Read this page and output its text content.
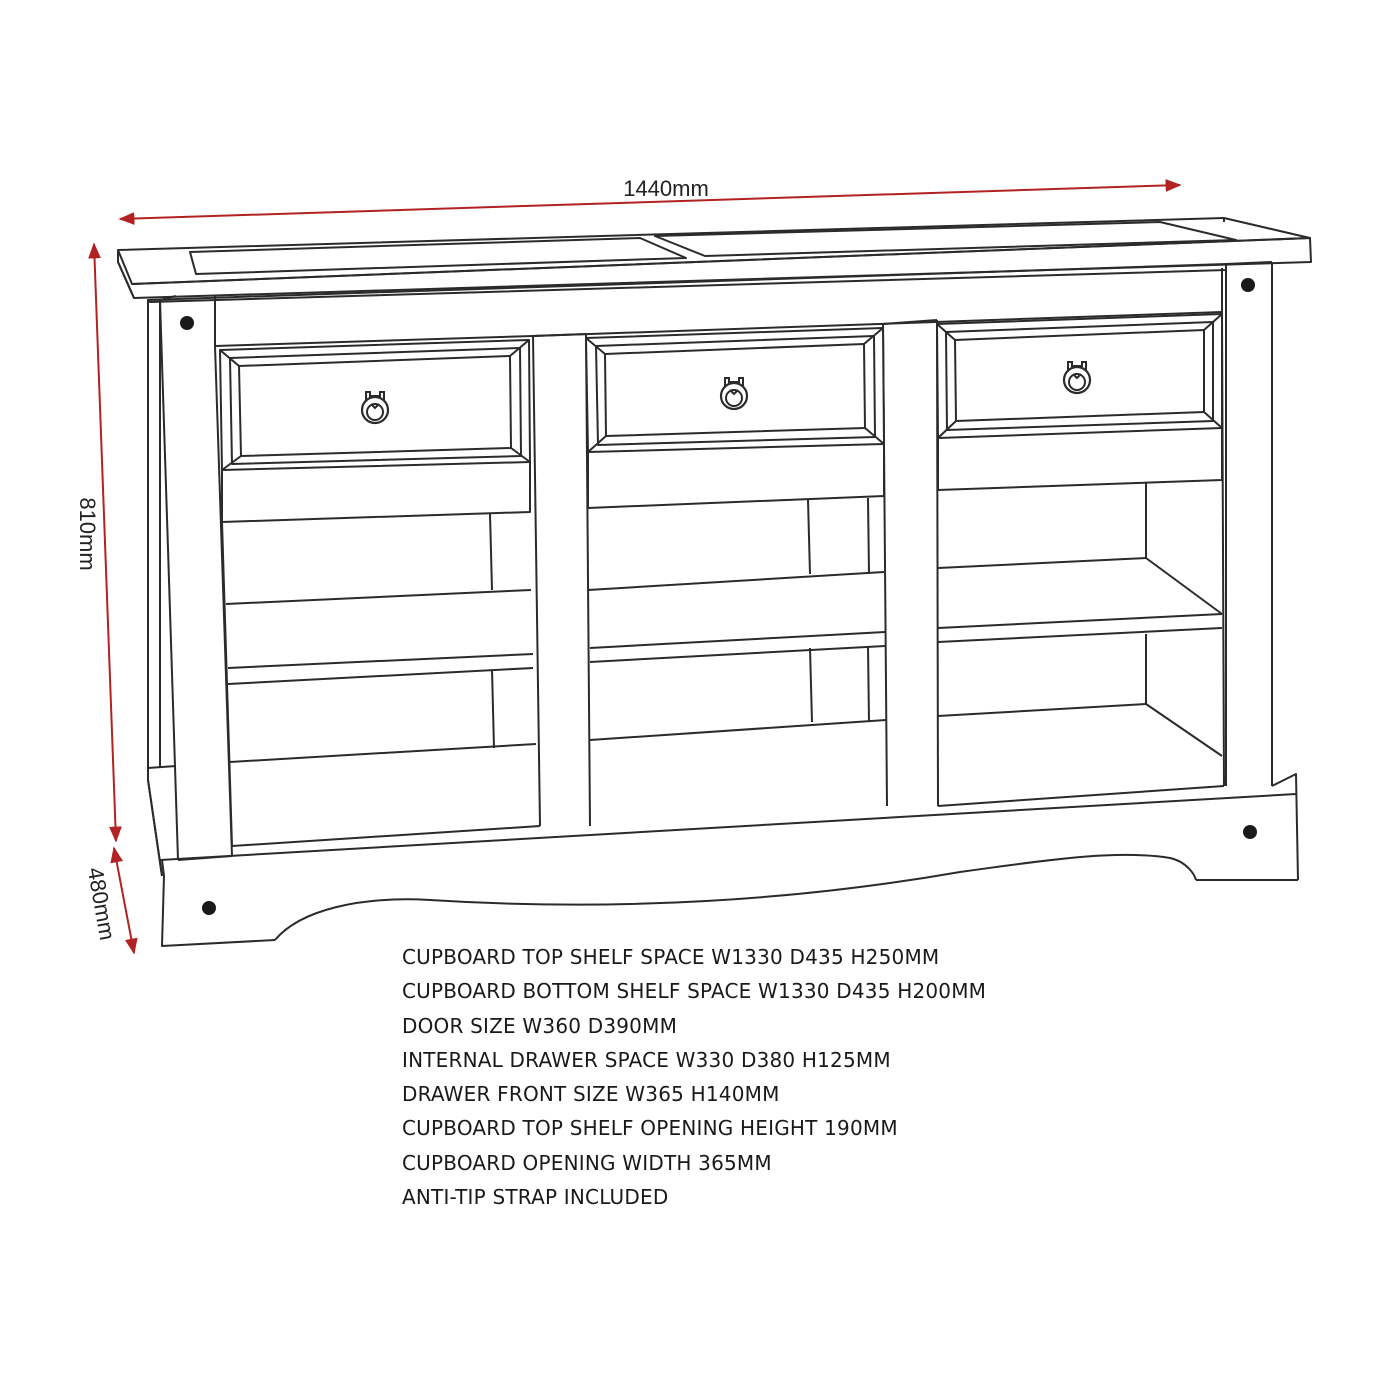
1440mm
810mm
480mm
CUPBOARD TOP SHELF SPACE W1330 D435 H250MM
CUPBOARD BOTTOM SHELF SPACE W1330 D435 H200MM
DOOR SIZE W360 D390MM
INTERNAL DRAWER SPACE W330 D380 H125MM
DRAWER FRONT SIZE W365 H140MM
CUPBOARD TOP SHELF OPENING HEIGHT 190MM
CUPBOARD OPENING WIDTH 365MM
ANTI-TIP STRAP INCLUDED
